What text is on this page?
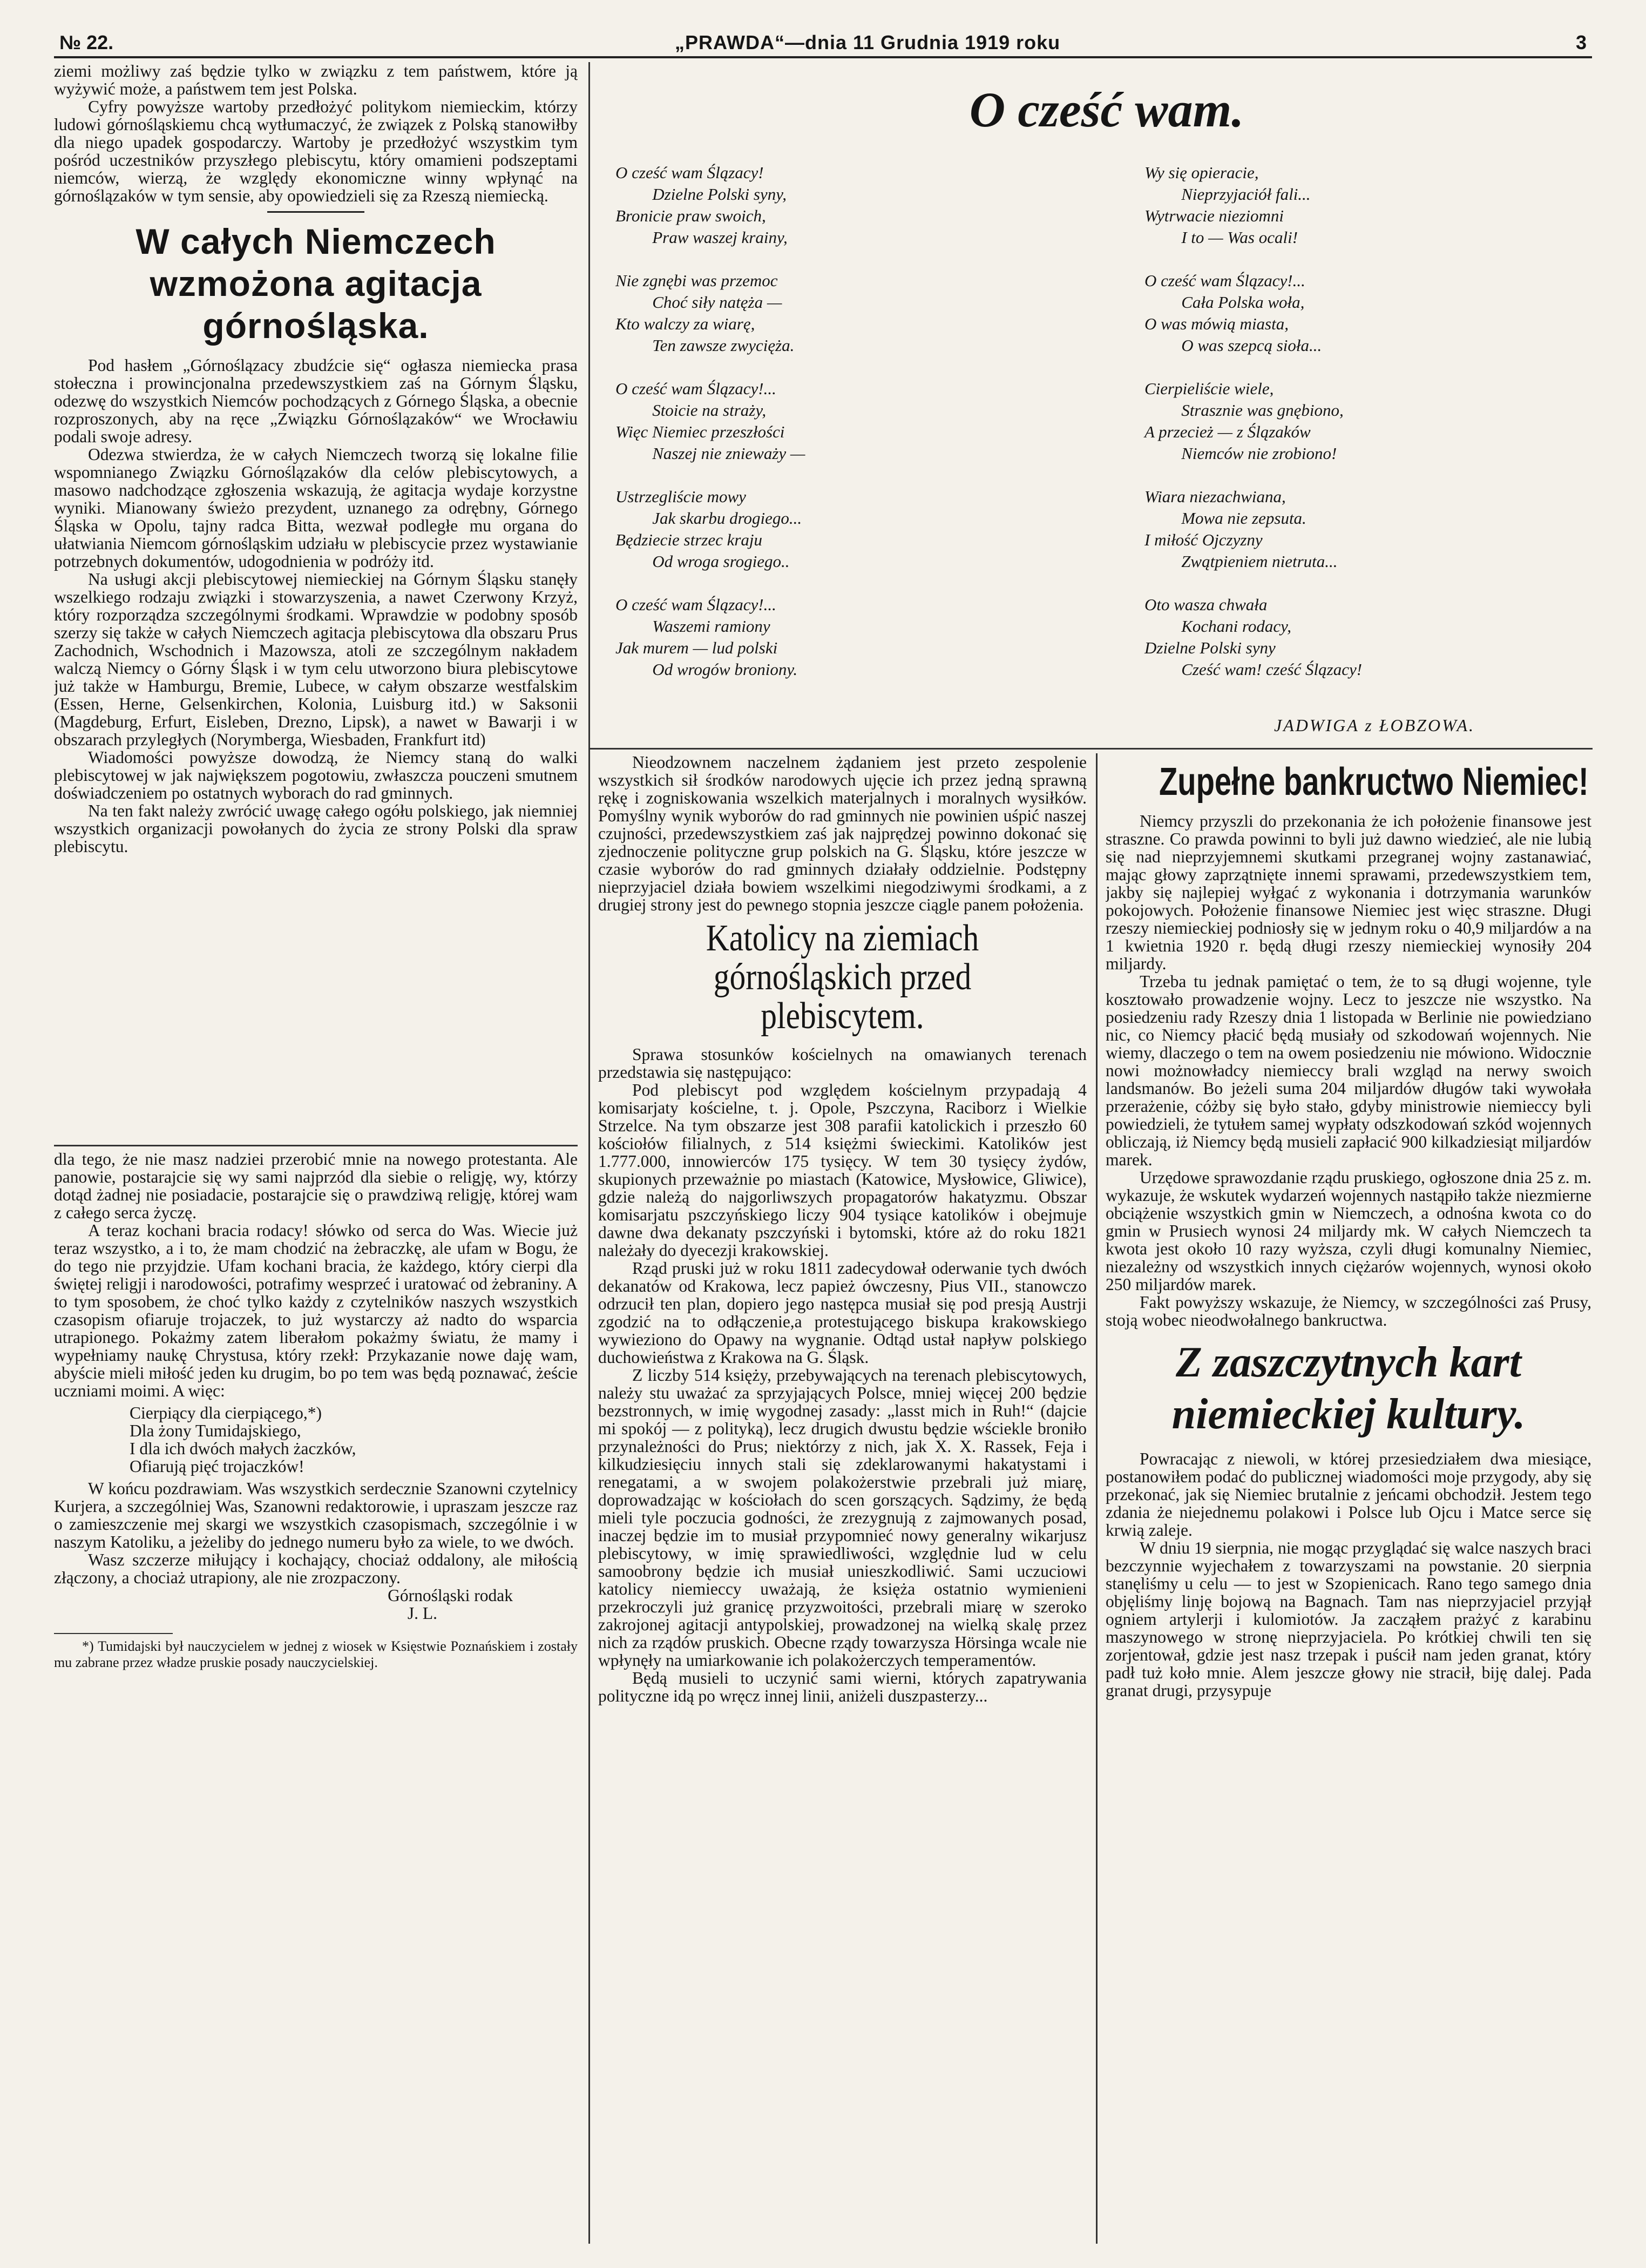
№ 22.	„PRAWDA“—dnia 11 Grudnia 1919 roku	3

ziemi możliwy zaś będzie tylko w związku z tem państwem, które ją wyżywić może, a państwem tem jest Polska.

Cyfry powyższe wartoby przedłożyć politykom niemieckim, którzy ludowi górnośląskiemu chcą wytłumaczyć, że związek z Polską stanowiłby dla niego upadek gospodarczy. Wartoby je przedłożyć wszystkim tym pośród uczestników przyszłego plebiscytu, który omamieni podszeptami niemców, wierzą, że względy ekonomiczne winny wpłynąć na górnoślązaków w tym sensie, aby opowiedzieli się za Rzeszą niemiecką.

W całych Niemczech wzmożona agitacja górnośląska.

Pod hasłem „Górnoślązacy zbudźcie się“ ogłasza niemiecka prasa stołeczna i prowincjonalna przedewszystkiem zaś na Górnym Śląsku, odezwę do wszystkich Niemców pochodzących z Górnego Śląska, a obecnie rozproszonych, aby na ręce „Związku Górnoślązaków“ we Wrocławiu podali swoje adresy.

Odezwa stwierdza, że w całych Niemczech tworzą się lokalne filie wspomnianego Związku Górnoślązaków dla celów plebiscytowych, a masowo nadchodzące zgłoszenia wskazują, że agitacja wydaje korzystne wyniki. Mianowany świeżo prezydent, uznanego za odrębny, Górnego Śląska w Opolu, tajny radca Bitta, wezwał podległe mu organa do ułatwiania Niemcom górnośląskim udziału w plebiscycie przez wystawianie potrzebnych dokumentów, udogodnienia w podróży itd.

Na usługi akcji plebiscytowej niemieckiej na Górnym Śląsku stanęły wszelkiego rodzaju związki i stowarzyszenia, a nawet Czerwony Krzyż, który rozporządza szczególnymi środkami. Wprawdzie w podobny sposób szerzy się także w całych Niemczech agitacja plebiscytowa dla obszaru Prus Zachodnich, Wschodnich i Mazowsza, atoli ze szczególnym nakładem walczą Niemcy o Górny Śląsk i w tym celu utworzono biura plebiscytowe już także w Hamburgu, Bremie, Lubece, w całym obszarze westfalskim (Essen, Herne, Gelsenkirchen, Kolonia, Luisburg itd.) w Saksonii (Magdeburg, Erfurt, Eisleben, Drezno, Lipsk), a nawet w Bawarji i w obszarach przyległych (Norymberga, Wiesbaden, Frankfurt itd)

Wiadomości powyższe dowodzą, że Niemcy staną do walki plebiscytowej w jak największem pogotowiu, zwłaszcza pouczeni smutnem doświadczeniem po ostatnych wyborach do rad gminnych.

Na ten fakt należy zwrócić uwagę całego ogółu polskiego, jak niemniej wszystkich organizacji powołanych do życia ze strony Polski dla spraw plebiscytu.

dla tego, że nie masz nadziei przerobić mnie na nowego protestanta. Ale panowie, postarajcie się wy sami najprzód dla siebie o religję, wy, którzy dotąd żadnej nie posiadacie, postarajcie się o prawdziwą religję, której wam z całego serca życzę.

A teraz kochani bracia rodacy! słówko od serca do Was. Wiecie już teraz wszystko, a i to, że mam chodzić na żebraczkę, ale ufam w Bogu, że do tego nie przyjdzie. Ufam kochani bracia, że każdego, który cierpi dla świętej religji i narodowości, potrafimy wesprzeć i uratować od żebraniny. A to tym sposobem, że choć tylko każdy z czytelników naszych wszystkich czasopism ofiaruje trojaczek, to już wystarczy aż nadto do wsparcia utrapionego. Pokażmy zatem liberałom pokażmy światu, że mamy i wypełniamy naukę Chrystusa, który rzekł: Przykazanie nowe daję wam, abyście mieli miłość jeden ku drugim, bo po tem was będą poznawać, żeście uczniami moimi. A więc:

Cierpiący dla cierpiącego,*)
Dla żony Tumidajskiego,
I dla ich dwóch małych żaczków,
Ofiarują pięć trojaczków!

W końcu pozdrawiam. Was wszystkich serdecznie Szanowni czytelnicy Kurjera, a szczególniej Was, Szanowni redaktorowie, i upraszam jeszcze raz o zamieszczenie mej skargi we wszystkich czasopismach, szczególnie i w naszym Katoliku, a jeżeliby do jednego numeru było za wiele, to we dwóch.

Wasz szczerze miłujący i kochający, chociaż oddalony, ale miłością złączony, a chociaż utrapiony, ale nie zrozpaczony.

Górnośląski rodak

J. L.

*) Tumidajski był nauczycielem w jednej z wiosek w Księstwie Poznańskiem i zostały mu zabrane przez władze pruskie posady nauczycielskiej.

O cześć wam.
O cześć wam Ślązacy!
Dzielne Polski syny,
Bronicie praw swoich,
Praw waszej krainy,
Nie zgnębi was przemoc
Choć siły natęża —
Kto walczy za wiarę,
Ten zawsze zwycięża.
O cześć wam Ślązacy!...
Stoicie na straży,
Więc Niemiec przeszłości
Naszej nie znieważy —
Ustrzegliście mowy
Jak skarbu drogiego...
Będziecie strzec kraju
Od wroga srogiego..
O cześć wam Ślązacy!...
Waszemi ramiony
Jak murem — lud polski
Od wrogów broniony.
Wy się opieracie,
Nieprzyjaciół fali...
Wytrwacie nieziomni
I to — Was ocali!
O cześć wam Ślązacy!...
Cała Polska woła,
O was mówią miasta,
O was szepcą sioła...
Cierpieliście wiele,
Strasznie was gnębiono,
A przecież — z Ślązaków
Niemców nie zrobiono!
Wiara niezachwiana,
Mowa nie zepsuta.
I miłość Ojczyzny
Zwątpieniem nietruta...
Oto wasza chwała
Kochani rodacy,
Dzielne Polski syny
Cześć wam! cześć Ślązacy!
JADWIGA z ŁOBZOWA.

Nieodzownem naczelnem żądaniem jest przeto zespolenie wszystkich sił środków narodowych ujęcie ich przez jedną sprawną rękę i zogniskowania wszelkich materjalnych i moralnych wysiłków. Pomyślny wynik wyborów do rad gminnych nie powinien uśpić naszej czujności, przedewszystkiem zaś jak najprędzej powinno dokonać się zjednoczenie polityczne grup polskich na G. Śląsku, które jeszcze w czasie wyborów do rad gminnych działały oddzielnie. Podstępny nieprzyjaciel działa bowiem wszelkimi niegodziwymi środkami, a z drugiej strony jest do pewnego stopnia jeszcze ciągle panem położenia.

Katolicy na ziemiach górnośląskich przed plebiscytem.

Sprawa stosunków kościelnych na omawianych terenach przedstawia się następująco:

Pod plebiscyt pod względem kościelnym przypadają 4 komisarjaty kościelne, t. j. Opole, Pszczyna, Raciborz i Wielkie Strzelce. Na tym obszarze jest 308 parafii katolickich i przeszło 60 kościołów filialnych, z 514 księżmi świeckimi. Katolików jest 1.777.000, innowierców 175 tysięcy. W tem 30 tysięcy żydów, skupionych przeważnie po miastach (Katowice, Mysłowice, Gliwice), gdzie należą do najgorliwszych propagatorów hakatyzmu. Obszar komisarjatu pszczyńskiego liczy 904 tysiące katolików i obejmuje dawne dwa dekanaty pszczyński i bytomski, które aż do roku 1821 należały do dyecezji krakowskiej.

Rząd pruski już w roku 1811 zadecydował oderwanie tych dwóch dekanatów od Krakowa, lecz papież ówczesny, Pius VII., stanowczo odrzucił ten plan, dopiero jego następca musiał się pod presją Austrji zgodzić na to odłączenie,a protestującego biskupa krakowskiego wywieziono do Opawy na wygnanie. Odtąd ustał napływ polskiego duchowieństwa z Krakowa na G. Śląsk.

Z liczby 514 księży, przebywających na terenach plebiscytowych, należy stu uważać za sprzyjających Polsce, mniej więcej 200 będzie bezstronnych, w imię wygodnej zasady: „lasst mich in Ruh!“ (dajcie mi spokój — z polityką), lecz drugich dwustu będzie wściekle broniło przynależności do Prus; niektórzy z nich, jak X. X. Rassek, Feja i kilkudziesięciu innych stali się zdeklarowanymi hakatystami i renegatami, a w swojem polakożerstwie przebrali już miarę, doprowadzając w kościołach do scen gorszących. Sądzimy, że będą mieli tyle poczucia godności, że zrezygnują z zajmowanych posad, inaczej będzie im to musiał przypomnieć nowy generalny wikarjusz plebiscytowy, w imię sprawiedliwości, względnie lud w celu samoobrony będzie ich musiał unieszkodliwić. Sami uczuciowi katolicy niemieccy uważają, że księża ostatnio wymienieni przekroczyli już granicę przyzwoitości, przebrali miarę w szeroko zakrojonej agitacji antypolskiej, prowadzonej na wielką skalę przez nich za rządów pruskich. Obecne rządy towarzysza Hörsinga wcale nie wpłynęły na umiarkowanie ich polakożerczych temperamentów.

Będą musieli to uczynić sami wierni, których zapatrywania polityczne idą po wręcz innej linii, aniżeli duszpasterzy...

Zupełne bankructwo Niemiec!

Niemcy przyszli do przekonania że ich położenie finansowe jest straszne. Co prawda powinni to byli już dawno wiedzieć, ale nie lubią się nad nieprzyjemnemi skutkami przegranej wojny zastanawiać, mając głowy zaprzątnięte innemi sprawami, przedewszystkiem tem, jakby się najlepiej wyłgać z wykonania i dotrzymania warunków pokojowych. Położenie finansowe Niemiec jest więc straszne. Długi rzeszy niemieckiej podniosły się w jednym roku o 40,9 miljardów a na 1 kwietnia 1920 r. będą długi rzeszy niemieckiej wynosiły 204 miljardy.

Trzeba tu jednak pamiętać o tem, że to są długi wojenne, tyle kosztowało prowadzenie wojny. Lecz to jeszcze nie wszystko. Na posiedzeniu rady Rzeszy dnia 1 listopada w Berlinie nie powiedziano nic, co Niemcy płacić będą musiały od szkodowań wojennych. Nie wiemy, dlaczego o tem na owem posiedzeniu nie mówiono. Widocznie nowi możnowładcy niemieccy brali wzgląd na nerwy swoich landsmanów. Bo jeżeli suma 204 miljardów długów taki wywołała przerażenie, cóżby się było stało, gdyby ministrowie niemieccy byli powiedzieli, że tytułem samej wypłaty odszkodowań szkód wojennych obliczają, iż Niemcy będą musieli zapłacić 900 kilkadziesiąt miljardów marek.

Urzędowe sprawozdanie rządu pruskiego, ogłoszone dnia 25 z. m. wykazuje, że wskutek wydarzeń wojennych nastąpiło także niezmierne obciążenie wszystkich gmin w Niemczech, a odnośna kwota co do gmin w Prusiech wynosi 24 miljardy mk. W całych Niemczech ta kwota jest około 10 razy wyższa, czyli długi komunalny Niemiec, niezależny od wszystkich innych ciężarów wojennych, wynosi około 250 miljardów marek.

Fakt powyższy wskazuje, że Niemcy, w szczególności zaś Prusy, stoją wobec nieodwołalnego bankructwa.

Z zaszczytnych kart niemieckiej kultury.

Powracając z niewoli, w której przesiedziałem dwa miesiące, postanowiłem podać do publicznej wiadomości moje przygody, aby się przekonać, jak się Niemiec brutalnie z jeńcami obchodził. Jestem tego zdania że niejednemu polakowi i Polsce lub Ojcu i Matce serce się krwią zaleje.

W dniu 19 sierpnia, nie mogąc przyglądać się walce naszych braci bezczynnie wyjechałem z towarzyszami na powstanie. 20 sierpnia stanęliśmy u celu — to jest w Szopienicach. Rano tego samego dnia objęliśmy linję bojową na Bagnach. Tam nas nieprzyjaciel przyjął ogniem artylerji i kulomiotów. Ja zacząłem prażyć z karabinu maszynowego w stronę nieprzyjaciela. Po krótkiej chwili ten się zorjentował, gdzie jest nasz trzepak i puścił nam jeden granat, który padł tuż koło mnie. Alem jeszcze głowy nie stracił, biję dalej. Pada granat drugi, przysypuje
